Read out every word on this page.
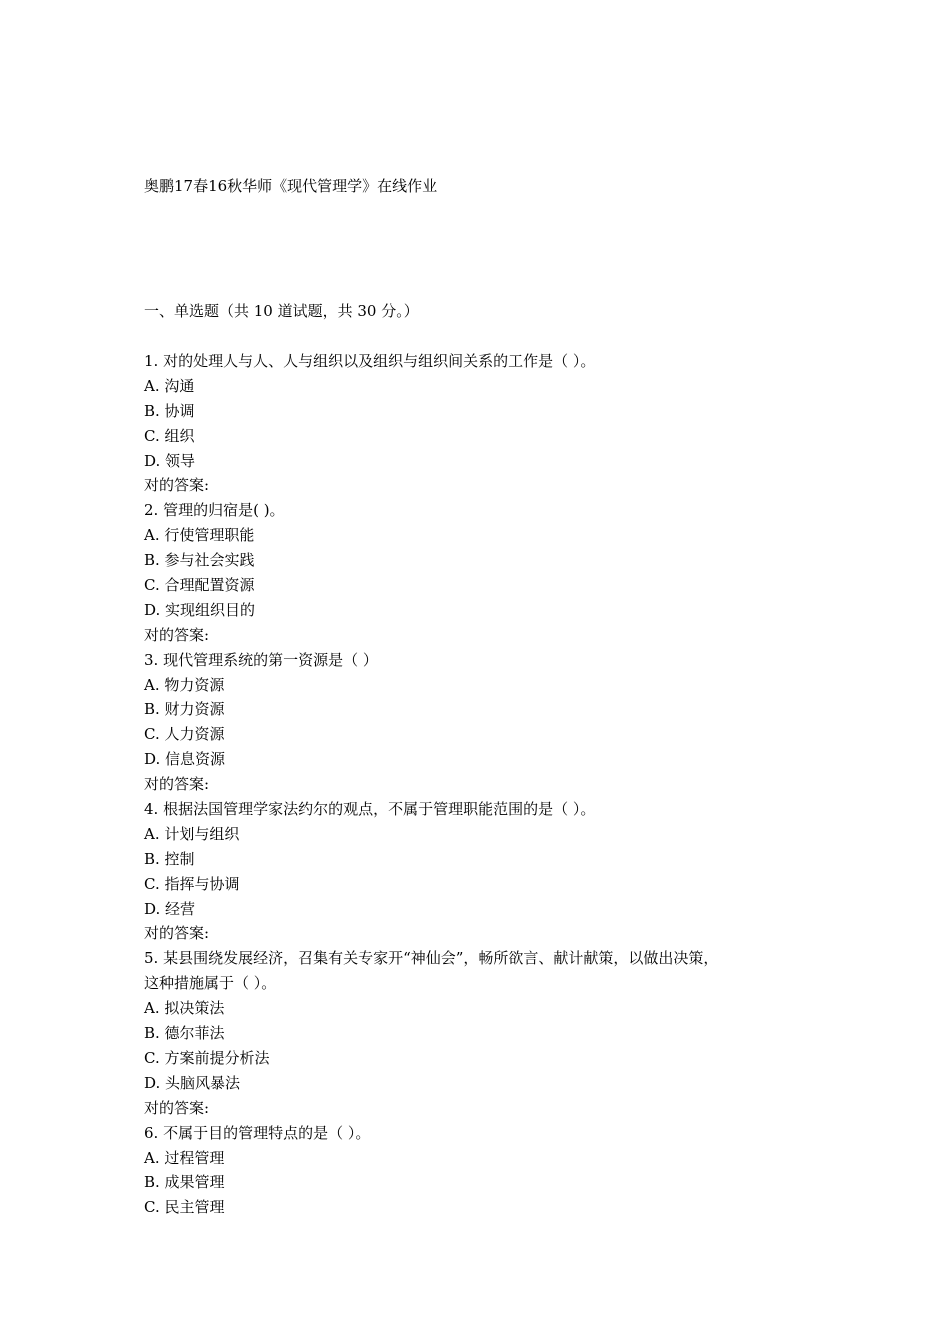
奥鹏17春16秋华师《现代管理学》在线作业
一、单选题（共 10 道试题，共 30 分。）
1. 对的处理人与人、人与组织以及组织与组织间关系的工作是（ ）。
A. 沟通
B. 协调
C. 组织
D. 领导
对的答案:
2. 管理的归宿是( )。
A. 行使管理职能
B. 参与社会实践
C. 合理配置资源
D. 实现组织目的
对的答案:
3. 现代管理系统的第一资源是（ ）
A. 物力资源
B. 财力资源
C. 人力资源
D. 信息资源
对的答案:
4. 根据法国管理学家法约尔的观点，不属于管理职能范围的是（ ）。
A. 计划与组织
B. 控制
C. 指挥与协调
D. 经营
对的答案:
5. 某县围绕发展经济，召集有关专家开“神仙会”，畅所欲言、献计献策，以做出决策，
这种措施属于（ ）。
A. 拟决策法
B. 德尔菲法
C. 方案前提分析法
D. 头脑风暴法
对的答案:
6. 不属于目的管理特点的是（ ）。
A. 过程管理
B. 成果管理
C. 民主管理
